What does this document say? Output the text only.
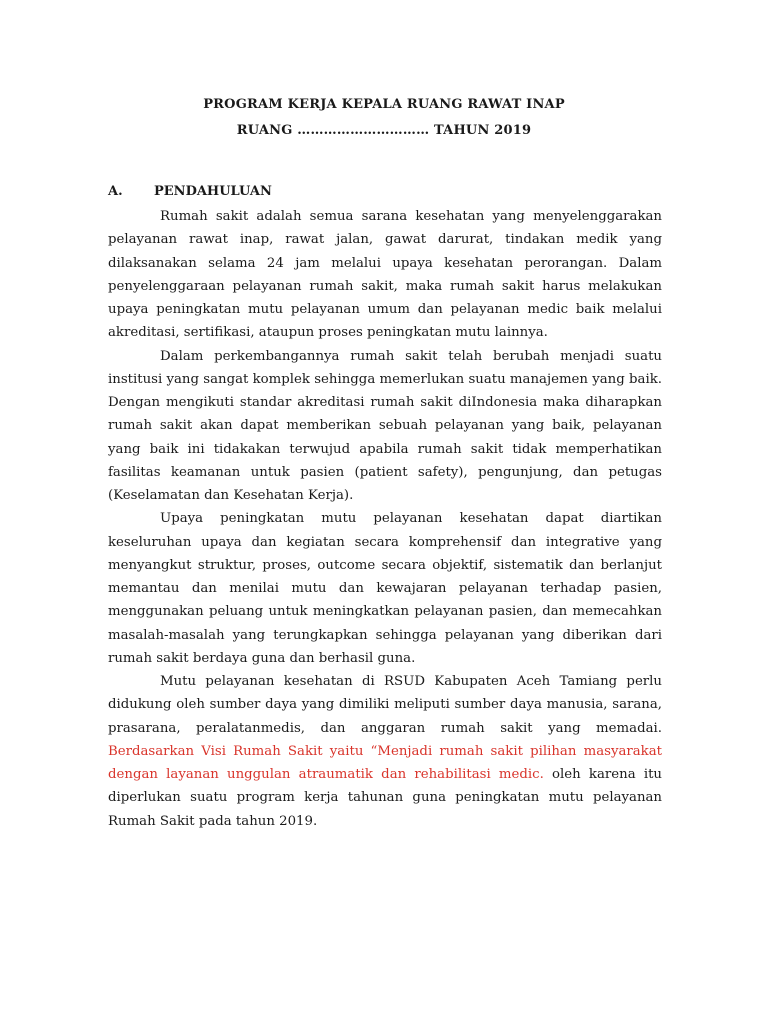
PROGRAM KERJA KEPALA RUANG RAWAT INAP
RUANG ………………………… TAHUN 2019
A. PENDAHULUAN

Rumah sakit adalah semua sarana kesehatan yang menyelenggarakan pelayanan rawat inap, rawat jalan, gawat darurat, tindakan medik yang dilaksanakan selama 24 jam melalui upaya kesehatan perorangan. Dalam penyelenggaraan pelayanan rumah sakit, maka rumah sakit harus melakukan upaya peningkatan mutu pelayanan umum dan pelayanan medic baik melalui akreditasi, sertifikasi, ataupun proses peningkatan mutu lainnya.

Dalam perkembangannya rumah sakit telah berubah menjadi suatu institusi yang sangat komplek sehingga memerlukan suatu manajemen yang baik. Dengan mengikuti standar akreditasi rumah sakit diIndonesia maka diharapkan rumah sakit akan dapat memberikan sebuah pelayanan yang baik, pelayanan yang baik ini tidakakan terwujud apabila rumah sakit tidak memperhatikan fasilitas keamanan untuk pasien (patient safety), pengunjung, dan petugas (Keselamatan dan Kesehatan Kerja).

Upaya peningkatan mutu pelayanan kesehatan dapat diartikan keseluruhan upaya dan kegiatan secara komprehensif dan integrative yang menyangkut struktur, proses, outcome secara objektif, sistematik dan berlanjut memantau dan menilai mutu dan kewajaran pelayanan terhadap pasien, menggunakan peluang untuk meningkatkan pelayanan pasien, dan memecahkan masalah-masalah yang terungkapkan sehingga pelayanan yang diberikan dari rumah sakit berdaya guna dan berhasil guna.

Mutu pelayanan kesehatan di RSUD Kabupaten Aceh Tamiang perlu didukung oleh sumber daya yang dimiliki meliputi sumber daya manusia, sarana, prasarana, peralatanmedis, dan anggaran rumah sakit yang memadai. Berdasarkan Visi Rumah Sakit yaitu “Menjadi rumah sakit pilihan masyarakat dengan layanan unggulan atraumatik dan rehabilitasi medic. oleh karena itu diperlukan suatu program kerja tahunan guna peningkatan mutu pelayanan Rumah Sakit pada tahun 2019.
